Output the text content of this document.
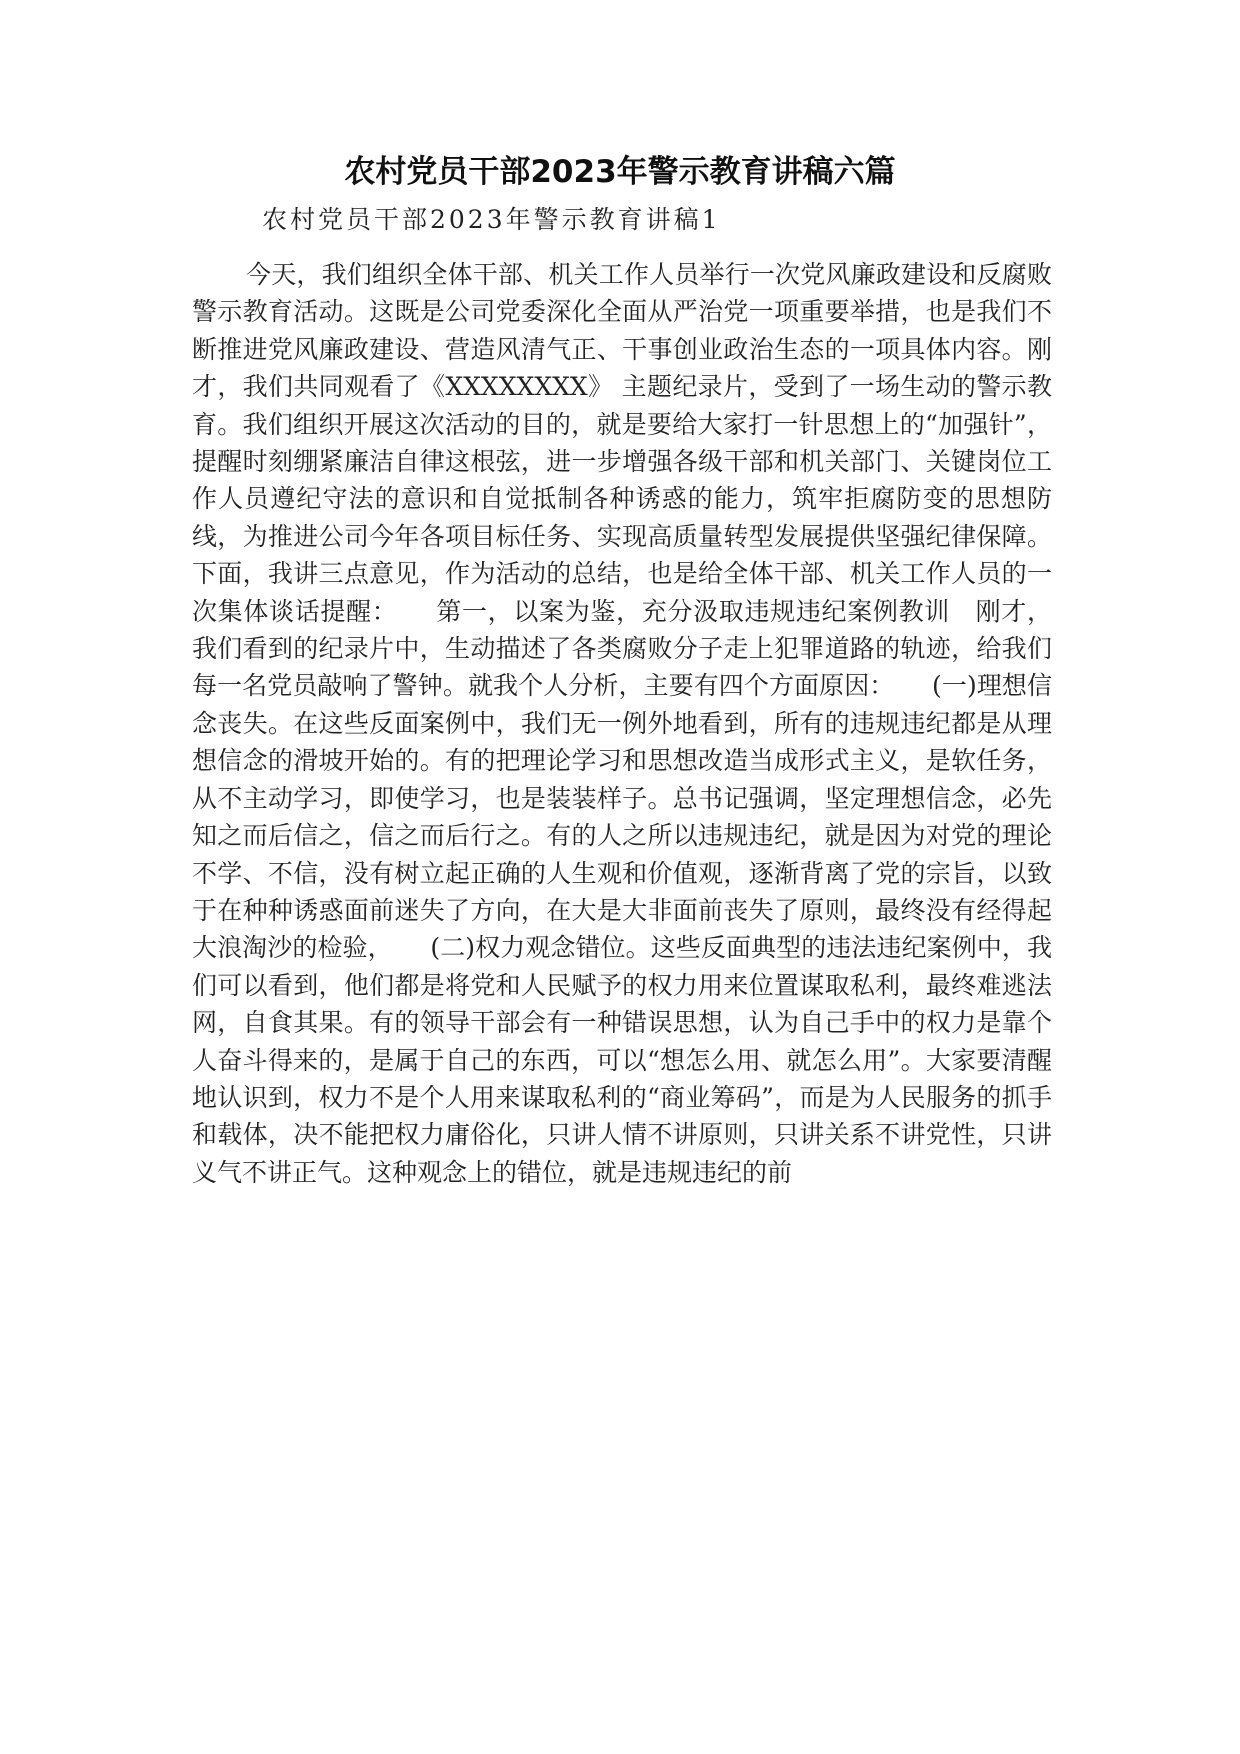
农村党员干部2023年警示教育讲稿六篇

农村党员干部2023年警示教育讲稿1

今天，我们组织全体干部、机关工作人员举行一次党风廉政建设和反腐败警示教育活动。这既是公司党委深化全面从严治党一项重要举措，也是我们不断推进党风廉政建设、营造风清气正、干事创业政治生态的一项具体内容。刚才，我们共同观看了《XXXXXXXX》 主题纪录片，受到了一场生动的警示教育。我们组织开展这次活动的目的，就是要给大家打一针思想上的“加强针”，提醒时刻绷紧廉洁自律这根弦，进一步增强各级干部和机关部门、关键岗位工作人员遵纪守法的意识和自觉抵制各种诱惑的能力，筑牢拒腐防变的思想防线，为推进公司今年各项目标任务、实现高质量转型发展提供坚强纪律保障。下面，我讲三点意见，作为活动的总结，也是给全体干部、机关工作人员的一次集体谈话提醒：　　第一，以案为鉴，充分汲取违规违纪案例教训　刚才，我们看到的纪录片中，生动描述了各类腐败分子走上犯罪道路的轨迹，给我们每一名党员敲响了警钟。就我个人分析，主要有四个方面原因：　　(一)理想信念丧失。在这些反面案例中，我们无一例外地看到，所有的违规违纪都是从理想信念的滑坡开始的。有的把理论学习和思想改造当成形式主义，是软任务，从不主动学习，即使学习，也是装装样子。总书记强调，坚定理想信念，必先知之而后信之，信之而后行之。有的人之所以违规违纪，就是因为对党的理论不学、不信，没有树立起正确的人生观和价值观，逐渐背离了党的宗旨，以致于在种种诱惑面前迷失了方向，在大是大非面前丧失了原则，最终没有经得起大浪淘沙的检验，　　(二)权力观念错位。这些反面典型的违法违纪案例中，我们可以看到，他们都是将党和人民赋予的权力用来位置谋取私利，最终难逃法网，自食其果。有的领导干部会有一种错误思想，认为自己手中的权力是靠个人奋斗得来的，是属于自己的东西，可以“想怎么用、就怎么用”。大家要清醒地认识到，权力不是个人用来谋取私利的“商业筹码”，而是为人民服务的抓手和载体，决不能把权力庸俗化，只讲人情不讲原则，只讲关系不讲党性，只讲义气不讲正气。这种观念上的错位，就是违规违纪的前
